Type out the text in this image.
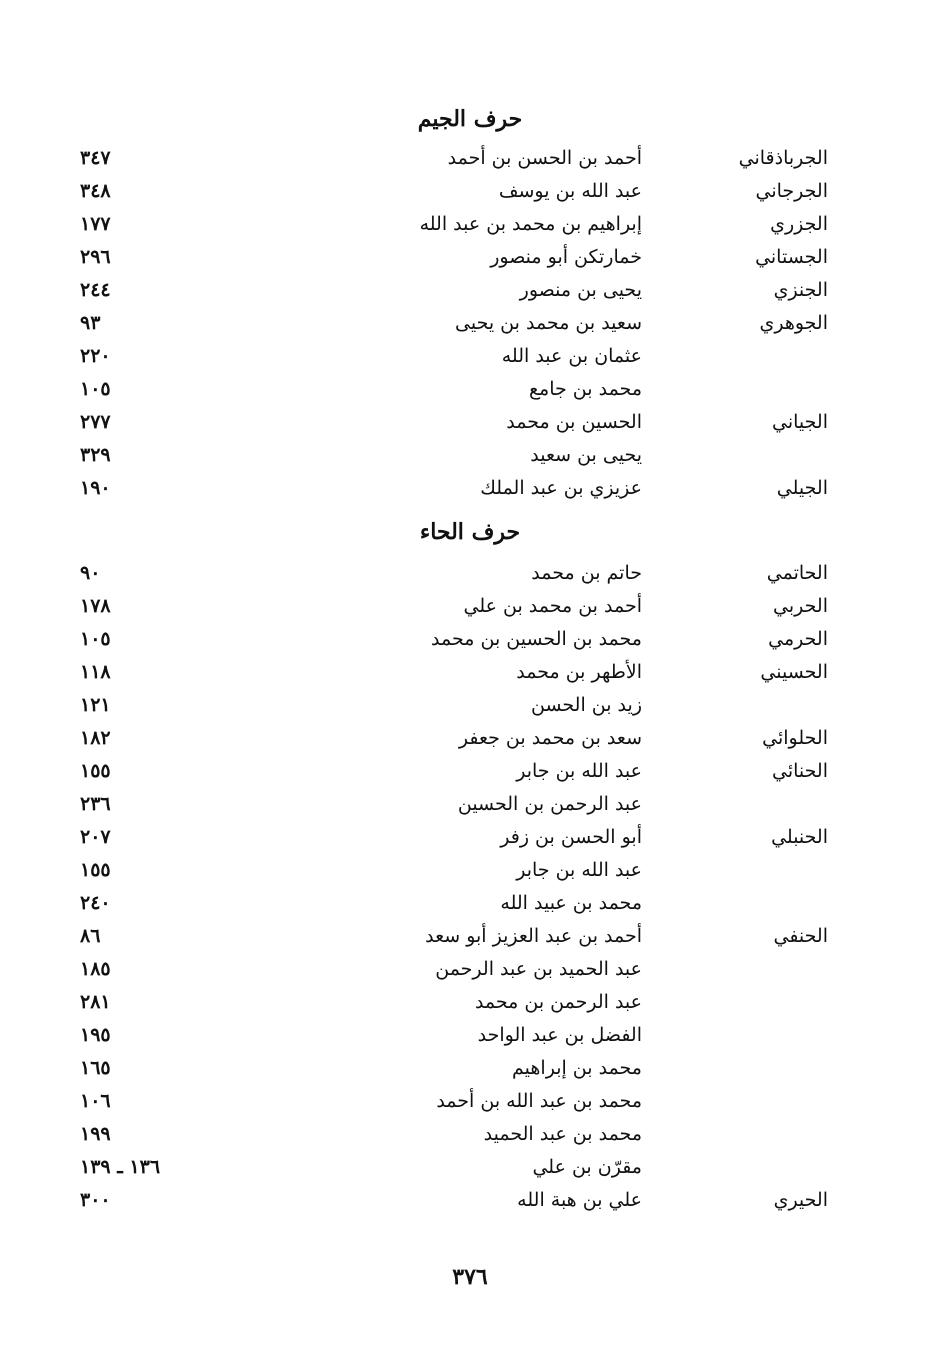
حرف الجيم
الجرباذقاني
أحمد بن الحسن بن أحمد
٣٤٧
الجرجاني
عبد الله بن يوسف
٣٤٨
الجزري
إبراهيم بن محمد بن عبد الله
١٧٧
الجستاني
خمارتكن أبو منصور
٢٩٦
الجنزي
يحيى بن منصور
٢٤٤
الجوهري
سعيد بن محمد بن يحيى
٩٣
عثمان بن عبد الله
٢٢٠
محمد بن جامع
١٠٥
الجياني
الحسين بن محمد
٢٧٧
يحيى بن سعيد
٣٢٩
الجيلي
عزيزي بن عبد الملك
١٩٠
حرف الحاء
الحاتمي
حاتم بن محمد
٩٠
الحربي
أحمد بن محمد بن علي
١٧٨
الحرمي
محمد بن الحسين بن محمد
١٠٥
الحسيني
الأطهر بن محمد
١١٨
زيد بن الحسن
١٢١
الحلوائي
سعد بن محمد بن جعفر
١٨٢
الحنائي
عبد الله بن جابر
١٥٥
عبد الرحمن بن الحسين
٢٣٦
الحنبلي
أبو الحسن بن زفر
٢٠٧
عبد الله بن جابر
١٥٥
محمد بن عبيد الله
٢٤٠
الحنفي
أحمد بن عبد العزيز أبو سعد
٨٦
عبد الحميد بن عبد الرحمن
١٨٥
عبد الرحمن بن محمد
٢٨١
الفضل بن عبد الواحد
١٩٥
محمد بن إبراهيم
١٦٥
محمد بن عبد الله بن أحمد
١٠٦
محمد بن عبد الحميد
١٩٩
مقرّن بن علي
١٣٦ ـ ١٣٩
الحيري
علي بن هبة الله
٣٠٠
٣٧٦
